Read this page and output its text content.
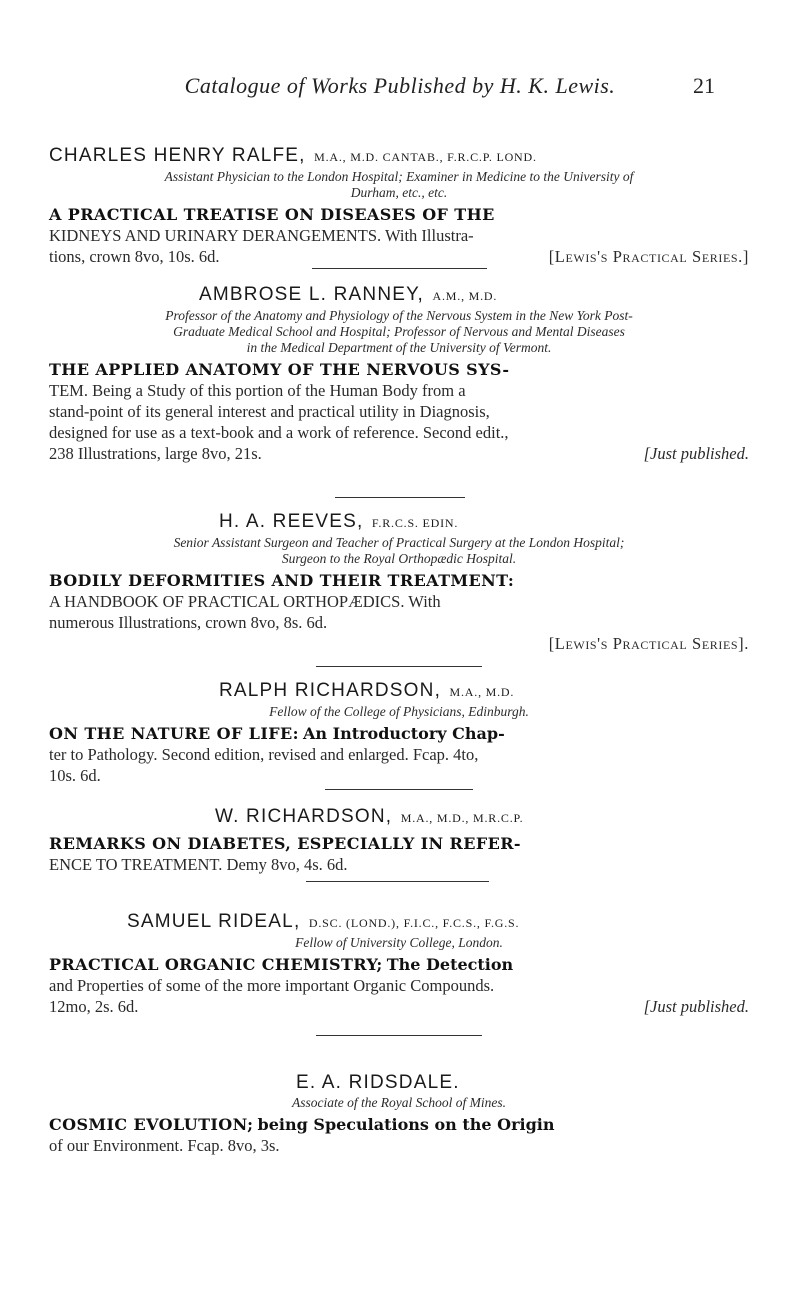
Catalogue of Works Published by H. K. Lewis.	21
CHARLES HENRY RALFE, M.A., M.D. CANTAB., F.R.C.P. LOND.
Assistant Physician to the London Hospital; Examiner in Medicine to the University of
Durham, etc., etc.
A PRACTICAL TREATISE ON DISEASES OF THE
KIDNEYS AND URINARY DERANGEMENTS. With Illustra-
tions, crown 8vo, 10s. 6d.	[Lewis's Practical Series.]
AMBROSE L. RANNEY, A.M., M.D.
Professor of the Anatomy and Physiology of the Nervous System in the New York Post-
Graduate Medical School and Hospital; Professor of Nervous and Mental Diseases
in the Medical Department of the University of Vermont.
THE APPLIED ANATOMY OF THE NERVOUS SYS-
TEM. Being a Study of this portion of the Human Body from a
stand-point of its general interest and practical utility in Diagnosis,
designed for use as a text-book and a work of reference. Second edit.,
238 Illustrations, large 8vo, 21s.	[Just published.
H. A. REEVES, F.R.C.S. EDIN.
Senior Assistant Surgeon and Teacher of Practical Surgery at the London Hospital;
Surgeon to the Royal Orthopædic Hospital.
BODILY DEFORMITIES AND THEIR TREATMENT:
A HANDBOOK OF PRACTICAL ORTHOPÆDICS. With
numerous Illustrations, crown 8vo, 8s. 6d.
[Lewis's Practical Series].
RALPH RICHARDSON, M.A., M.D.
Fellow of the College of Physicians, Edinburgh.
ON THE NATURE OF LIFE: An Introductory Chap-
ter to Pathology. Second edition, revised and enlarged. Fcap. 4to,
10s. 6d.
W. RICHARDSON, M.A., M.D., M.R.C.P.
REMARKS ON DIABETES, ESPECIALLY IN REFER-
ENCE TO TREATMENT. Demy 8vo, 4s. 6d.
SAMUEL RIDEAL, D.SC. (LOND.), F.I.C., F.C.S., F.G.S.
Fellow of University College, London.
PRACTICAL ORGANIC CHEMISTRY; The Detection
and Properties of some of the more important Organic Compounds.
12mo, 2s. 6d.	[Just published.
E. A. RIDSDALE.
Associate of the Royal School of Mines.
COSMIC EVOLUTION; being Speculations on the Origin
of our Environment. Fcap. 8vo, 3s.
